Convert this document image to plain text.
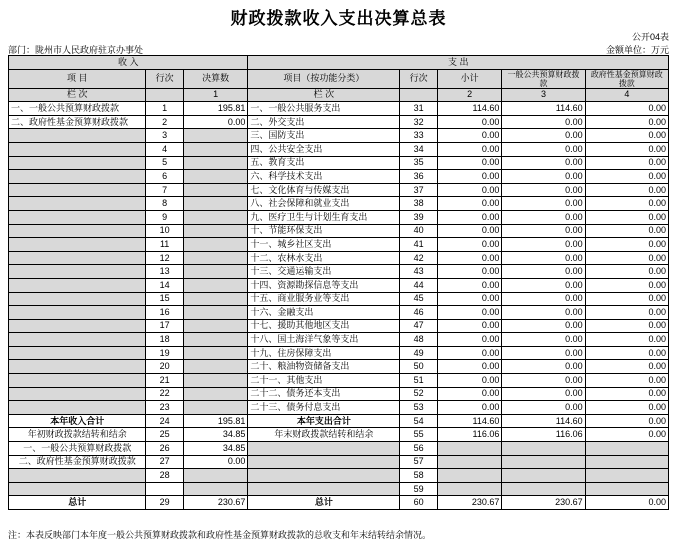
财政拨款收入支出决算总表
公开04表
部门：陇州市人民政府驻京办事处	金额单位：万元
收 入			支 出				
项 目	行次	决算数	项目（按功能分类）	行次	小计	一般公共预算财政拨款	政府性基金预算财政拨款
栏 次		1	栏 次		2	3	4
一、一般公共预算财政拨款	1	195.81	一、一般公共服务支出	31	114.60	114.60	0.00
二、政府性基金预算财政拨款	2	0.00	二、外交支出	32	0.00	0.00	0.00
	3		三、国防支出	33	0.00	0.00	0.00
	4		四、公共安全支出	34	0.00	0.00	0.00
	5		五、教育支出	35	0.00	0.00	0.00
	6		六、科学技术支出	36	0.00	0.00	0.00
	7		七、文化体育与传媒支出	37	0.00	0.00	0.00
	8		八、社会保障和就业支出	38	0.00	0.00	0.00
	9		九、医疗卫生与计划生育支出	39	0.00	0.00	0.00
	10		十、节能环保支出	40	0.00	0.00	0.00
	11		十一、城乡社区支出	41	0.00	0.00	0.00
	12		十二、农林水支出	42	0.00	0.00	0.00
	13		十三、交通运输支出	43	0.00	0.00	0.00
	14		十四、资源勘探信息等支出	44	0.00	0.00	0.00
	15		十五、商业服务业等支出	45	0.00	0.00	0.00
	16		十六、金融支出	46	0.00	0.00	0.00
	17		十七、援助其他地区支出	47	0.00	0.00	0.00
	18		十八、国土海洋气象等支出	48	0.00	0.00	0.00
	19		十九、住房保障支出	49	0.00	0.00	0.00
	20		二十、粮油物资储备支出	50	0.00	0.00	0.00
	21		二十一、其他支出	51	0.00	0.00	0.00
	22		二十二、债务还本支出	52	0.00	0.00	0.00
	23		二十三、债务付息支出	53	0.00	0.00	0.00
本年收入合计	24	195.81	本年支出合计	54	114.60	114.60	0.00
年初财政拨款结转和结余	25	34.85	年末财政拨款结转和结余	55	116.06	116.06	0.00
一、一般公共预算财政拨款	26	34.85		56			
二、政府性基金预算财政拨款	27	0.00		57			
	28			58			
				59			
总计	29	230.67	总计	60	230.67	230.67	0.00
注：本表反映部门本年度一般公共预算财政拨款和政府性基金预算财政拨款的总收支和年末结转结余情况。
